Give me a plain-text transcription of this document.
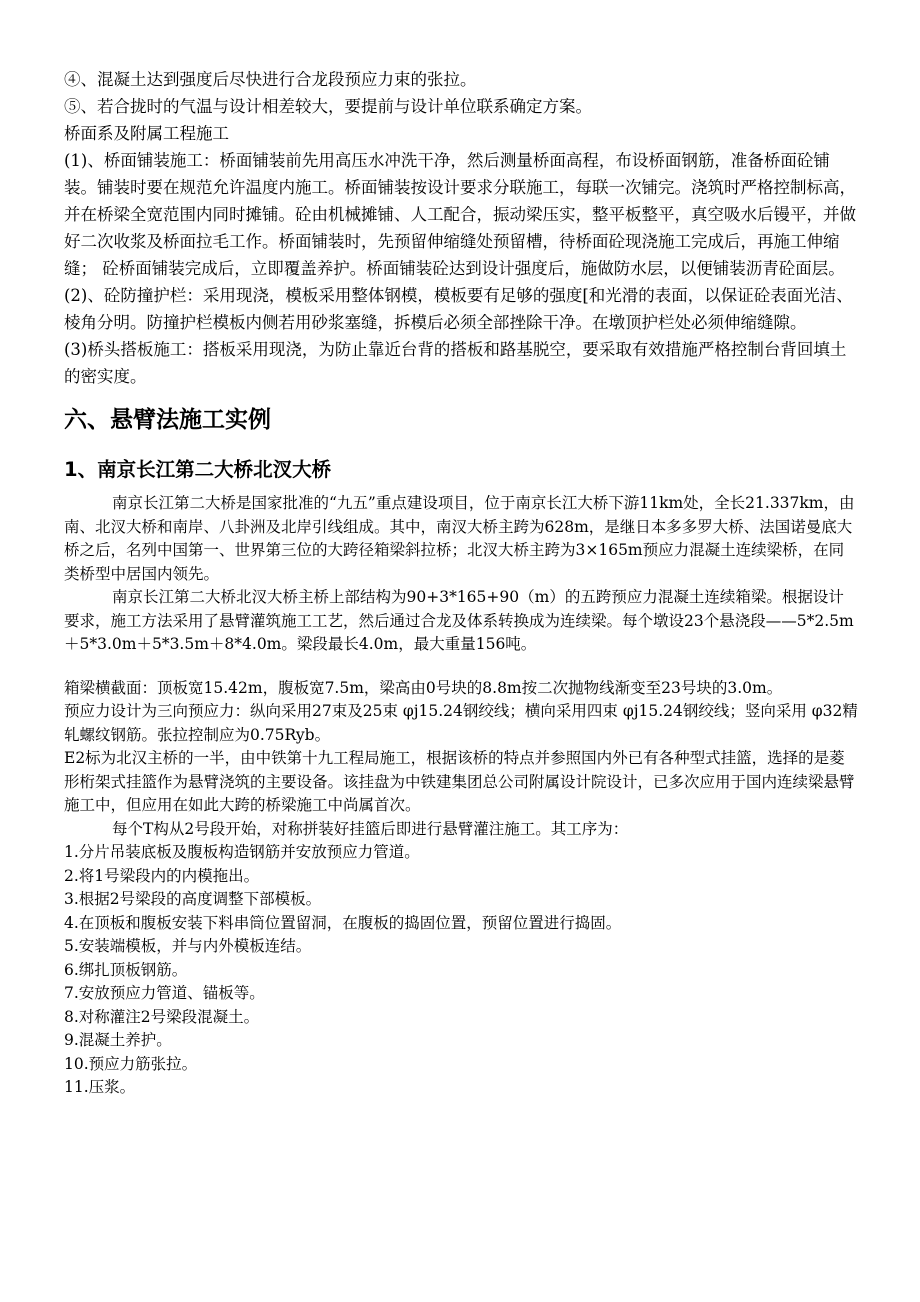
④、混凝土达到强度后尽快进行合龙段预应力束的张拉。

⑤、若合拢时的气温与设计相差较大，要提前与设计单位联系确定方案。

桥面系及附属工程施工

(1)、桥面铺装施工：桥面铺装前先用高压水冲洗干净，然后测量桥面高程，布设桥面钢筋，准备桥面砼铺装。铺装时要在规范允许温度内施工。桥面铺装按设计要求分联施工，每联一次铺完。浇筑时严格控制标高，并在桥梁全宽范围内同时摊铺。砼由机械摊铺、人工配合，振动梁压实，整平板整平，真空吸水后镘平，并做好二次收浆及桥面拉毛工作。桥面铺装时，先预留伸缩缝处预留槽，待桥面砼现浇施工完成后，再施工伸缩缝； 砼桥面铺装完成后，立即覆盖养护。桥面铺装砼达到设计强度后，施做防水层，以便铺装沥青砼面层。

(2)、砼防撞护栏：采用现浇，模板采用整体钢模，模板要有足够的强度[和光滑的表面，以保证砼表面光洁、棱角分明。防撞护栏模板内侧若用砂浆塞缝，拆模后必须全部挫除干净。在墩顶护栏处必须伸缩缝隙。

(3)桥头搭板施工：搭板采用现浇，为防止靠近台背的搭板和路基脱空，要采取有效措施严格控制台背回填土的密实度。

六、悬臂法施工实例
1、南京长江第二大桥北汊大桥

南京长江第二大桥是国家批准的“九五”重点建设项目，位于南京长江大桥下游11km处，全长21.337km，由南、北汊大桥和南岸、八卦洲及北岸引线组成。其中，南汊大桥主跨为628m，是继日本多多罗大桥、法国诺曼底大桥之后，名列中国第一、世界第三位的大跨径箱梁斜拉桥；北汊大桥主跨为3×165m预应力混凝土连续梁桥，在同类桥型中居国内领先。

南京长江第二大桥北汊大桥主桥上部结构为90+3*165+90（m）的五跨预应力混凝土连续箱梁。根据设计要求，施工方法采用了悬臂灌筑施工工艺，然后通过合龙及体系转换成为连续梁。每个墩设23个悬浇段——5*2.5m＋5*3.0m＋5*3.5m＋8*4.0m。梁段最长4.0m，最大重量156吨。

箱梁横截面：顶板宽15.42m，腹板宽7.5m，梁高由0号块的8.8m按二次抛物线渐变至23号块的3.0m。

预应力设计为三向预应力：纵向采用27束及25束 φj15.24钢绞线；横向采用四束 φj15.24钢绞线；竖向采用 φ32精轧螺纹钢筋。张拉控制应为0.75Ryb。

E2标为北汉主桥的一半，由中铁第十九工程局施工，根据该桥的特点并参照国内外已有各种型式挂篮，选择的是菱形桁架式挂篮作为悬臂浇筑的主要设备。该挂盘为中铁建集团总公司附属设计院设计，已多次应用于国内连续梁悬臂施工中，但应用在如此大跨的桥梁施工中尚属首次。

每个T构从2号段开始，对称拼装好挂篮后即进行悬臂灌注施工。其工序为：

1.分片吊装底板及腹板构造钢筋并安放预应力管道。

2.将1号梁段内的内模拖出。

3.根据2号梁段的高度调整下部模板。

4.在顶板和腹板安装下料串筒位置留洞，在腹板的捣固位置，预留位置进行捣固。

5.安装端模板，并与内外模板连结。

6.绑扎顶板钢筋。

7.安放预应力管道、锚板等。

8.对称灌注2号梁段混凝土。

9.混凝土养护。

10.预应力筋张拉。

11.压浆。
